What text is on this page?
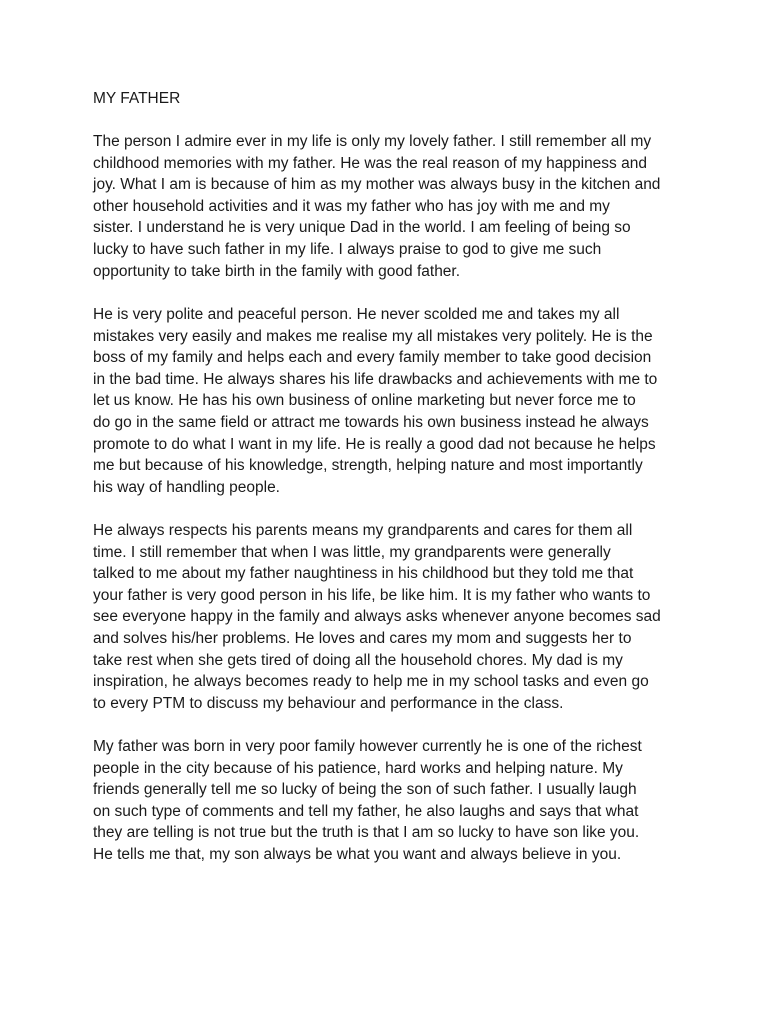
MY FATHER
The person I admire ever in my life is only my lovely father. I still remember all my
childhood memories with my father. He was the real reason of my happiness and
joy. What I am is because of him as my mother was always busy in the kitchen and
other household activities and it was my father who has joy with me and my
sister. I understand he is very unique Dad in the world. I am feeling of being so
lucky to have such father in my life. I always praise to god to give me such
opportunity to take birth in the family with good father.
He is very polite and peaceful person. He never scolded me and takes my all
mistakes very easily and makes me realise my all mistakes very politely. He is the
boss of my family and helps each and every family member to take good decision
in the bad time. He always shares his life drawbacks and achievements with me to
let us know. He has his own business of online marketing but never force me to
do go in the same field or attract me towards his own business instead he always
promote to do what I want in my life. He is really a good dad not because he helps
me but because of his knowledge, strength, helping nature and most importantly
his way of handling people.
He always respects his parents means my grandparents and cares for them all
time. I still remember that when I was little, my grandparents were generally
talked to me about my father naughtiness in his childhood but they told me that
your father is very good person in his life, be like him. It is my father who wants to
see everyone happy in the family and always asks whenever anyone becomes sad
and solves his/her problems. He loves and cares my mom and suggests her to
take rest when she gets tired of doing all the household chores. My dad is my
inspiration, he always becomes ready to help me in my school tasks and even go
to every PTM to discuss my behaviour and performance in the class.
My father was born in very poor family however currently he is one of the richest
people in the city because of his patience, hard works and helping nature. My
friends generally tell me so lucky of being the son of such father. I usually laugh
on such type of comments and tell my father, he also laughs and says that what
they are telling is not true but the truth is that I am so lucky to have son like you.
He tells me that, my son always be what you want and always believe in you.
